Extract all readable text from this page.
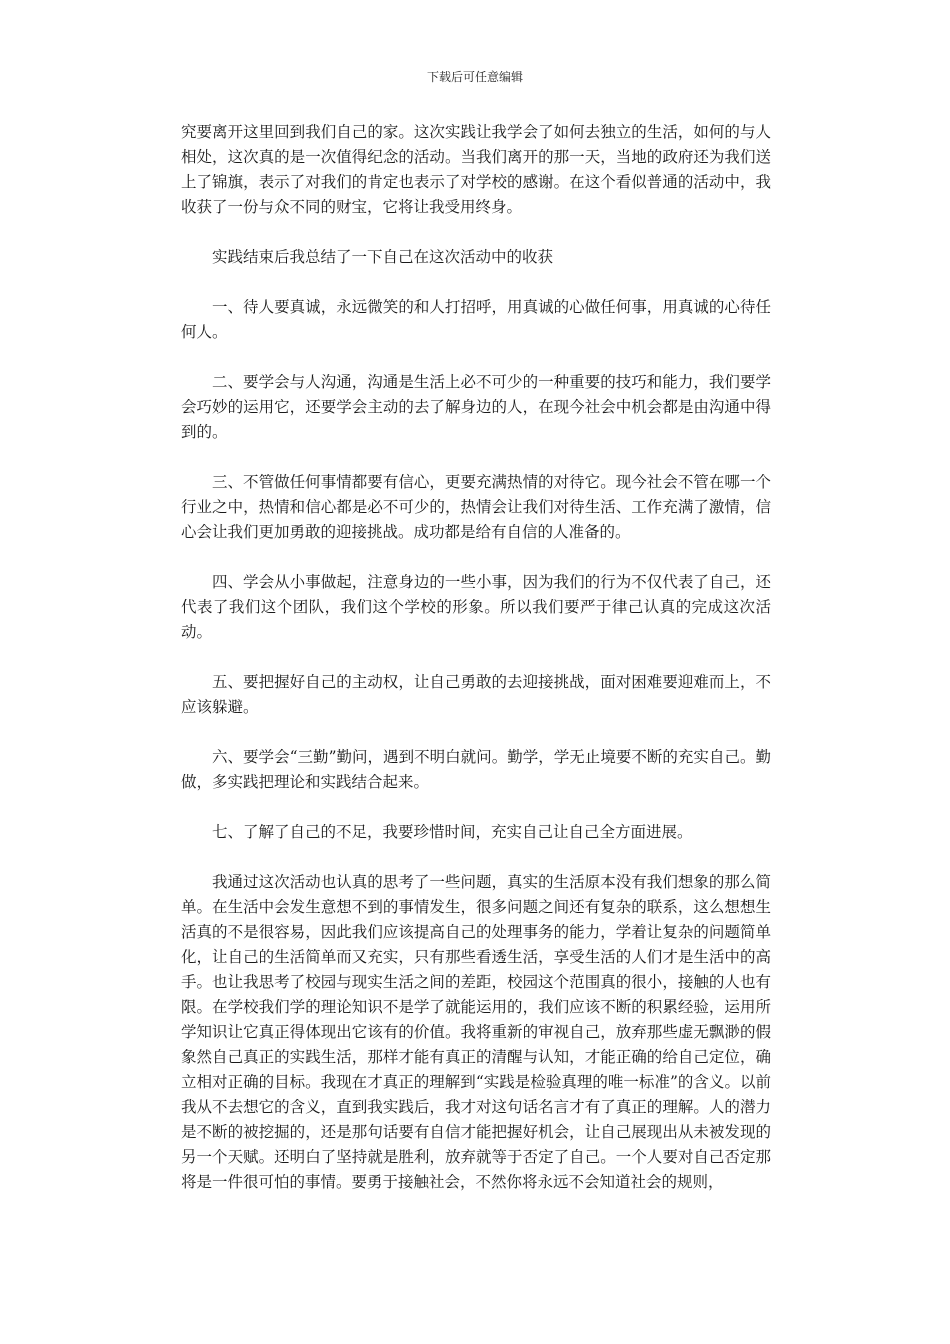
下载后可任意编辑

究要离开这里回到我们自己的家。这次实践让我学会了如何去独立的生活，如何的与人相处，这次真的是一次值得纪念的活动。当我们离开的那一天，当地的政府还为我们送上了锦旗，表示了对我们的肯定也表示了对学校的感谢。在这个看似普通的活动中，我收获了一份与众不同的财宝，它将让我受用终身。

实践结束后我总结了一下自己在这次活动中的收获

一、待人要真诚，永远微笑的和人打招呼，用真诚的心做任何事，用真诚的心待任何人。

二、要学会与人沟通，沟通是生活上必不可少的一种重要的技巧和能力，我们要学会巧妙的运用它，还要学会主动的去了解身边的人，在现今社会中机会都是由沟通中得到的。

三、不管做任何事情都要有信心，更要充满热情的对待它。现今社会不管在哪一个行业之中，热情和信心都是必不可少的，热情会让我们对待生活、工作充满了激情，信心会让我们更加勇敢的迎接挑战。成功都是给有自信的人准备的。

四、学会从小事做起，注意身边的一些小事，因为我们的行为不仅代表了自己，还代表了我们这个团队，我们这个学校的形象。所以我们要严于律己认真的完成这次活动。

五、要把握好自己的主动权，让自己勇敢的去迎接挑战，面对困难要迎难而上，不应该躲避。

六、要学会“三勤”勤问，遇到不明白就问。勤学，学无止境要不断的充实自己。勤做，多实践把理论和实践结合起来。

七、了解了自己的不足，我要珍惜时间，充实自己让自己全方面进展。

我通过这次活动也认真的思考了一些问题，真实的生活原本没有我们想象的那么简单。在生活中会发生意想不到的事情发生，很多问题之间还有复杂的联系，这么想想生活真的不是很容易，因此我们应该提高自己的处理事务的能力，学着让复杂的问题简单化，让自己的生活简单而又充实，只有那些看透生活，享受生活的人们才是生活中的高手。也让我思考了校园与现实生活之间的差距，校园这个范围真的很小，接触的人也有限。在学校我们学的理论知识不是学了就能运用的，我们应该不断的积累经验，运用所学知识让它真正得体现出它该有的价值。我将重新的审视自己，放弃那些虚无飘渺的假象然自己真正的实践生活，那样才能有真正的清醒与认知，才能正确的给自己定位，确立相对正确的目标。我现在才真正的理解到“实践是检验真理的唯一标准”的含义。以前我从不去想它的含义，直到我实践后，我才对这句话名言才有了真正的理解。人的潜力是不断的被挖掘的，还是那句话要有自信才能把握好机会，让自己展现出从未被发现的另一个天赋。还明白了坚持就是胜利，放弃就等于否定了自己。一个人要对自己否定那将是一件很可怕的事情。要勇于接触社会，不然你将永远不会知道社会的规则，
